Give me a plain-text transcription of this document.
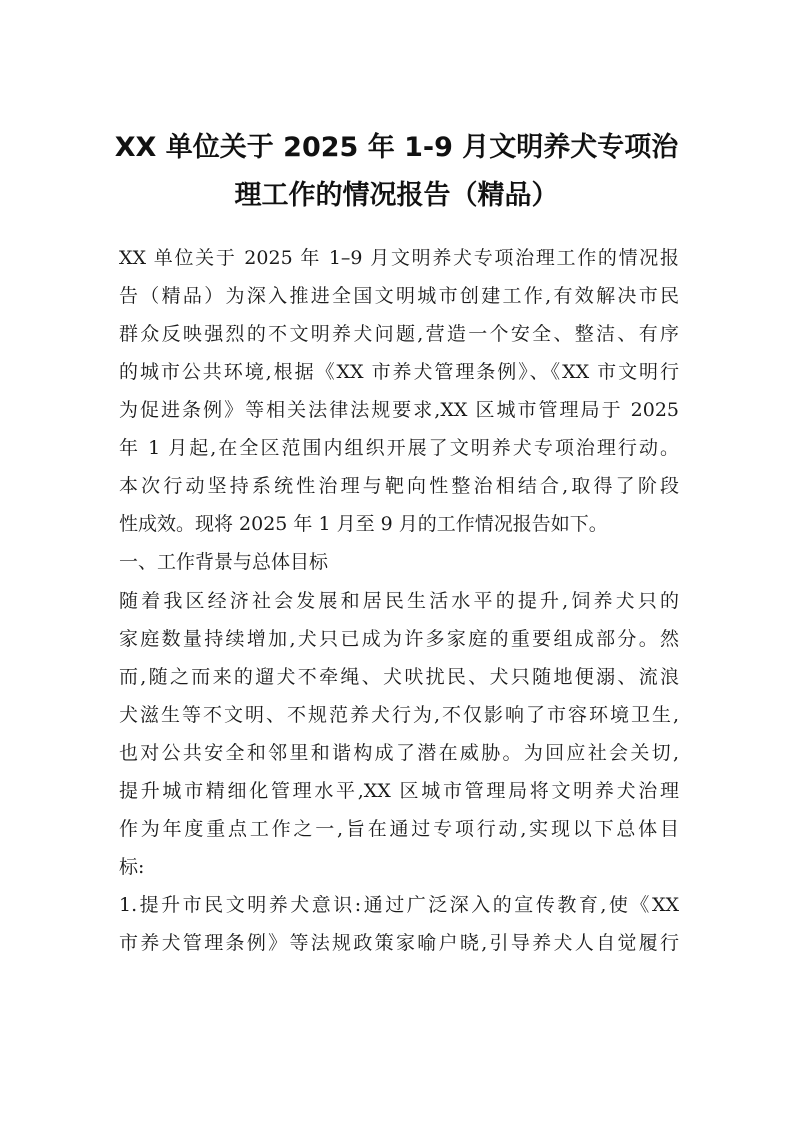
XX 单位关于 2025 年 1-9 月文明养犬专项治
理工作的情况报告（精品）
XX 单位关于 2025 年 1–9 月文明养犬专项治理工作的情况报
告（精品）为深入推进全国文明城市创建工作,有效解决市民
群众反映强烈的不文明养犬问题,营造一个安全、整洁、有序
的城市公共环境,根据《XX 市养犬管理条例》、《XX 市文明行
为促进条例》等相关法律法规要求,XX 区城市管理局于 2025
年 1 月起,在全区范围内组织开展了文明养犬专项治理行动。
本次行动坚持系统性治理与靶向性整治相结合,取得了阶段
性成效。现将 2025 年 1 月至 9 月的工作情况报告如下。
一、工作背景与总体目标
随着我区经济社会发展和居民生活水平的提升,饲养犬只的
家庭数量持续增加,犬只已成为许多家庭的重要组成部分。然
而,随之而来的遛犬不牵绳、犬吠扰民、犬只随地便溺、流浪
犬滋生等不文明、不规范养犬行为,不仅影响了市容环境卫生,
也对公共安全和邻里和谐构成了潜在威胁。为回应社会关切,
提升城市精细化管理水平,XX 区城市管理局将文明养犬治理
作为年度重点工作之一,旨在通过专项行动,实现以下总体目
标:
1.提升市民文明养犬意识:通过广泛深入的宣传教育,使《XX
市养犬管理条例》等法规政策家喻户晓,引导养犬人自觉履行
